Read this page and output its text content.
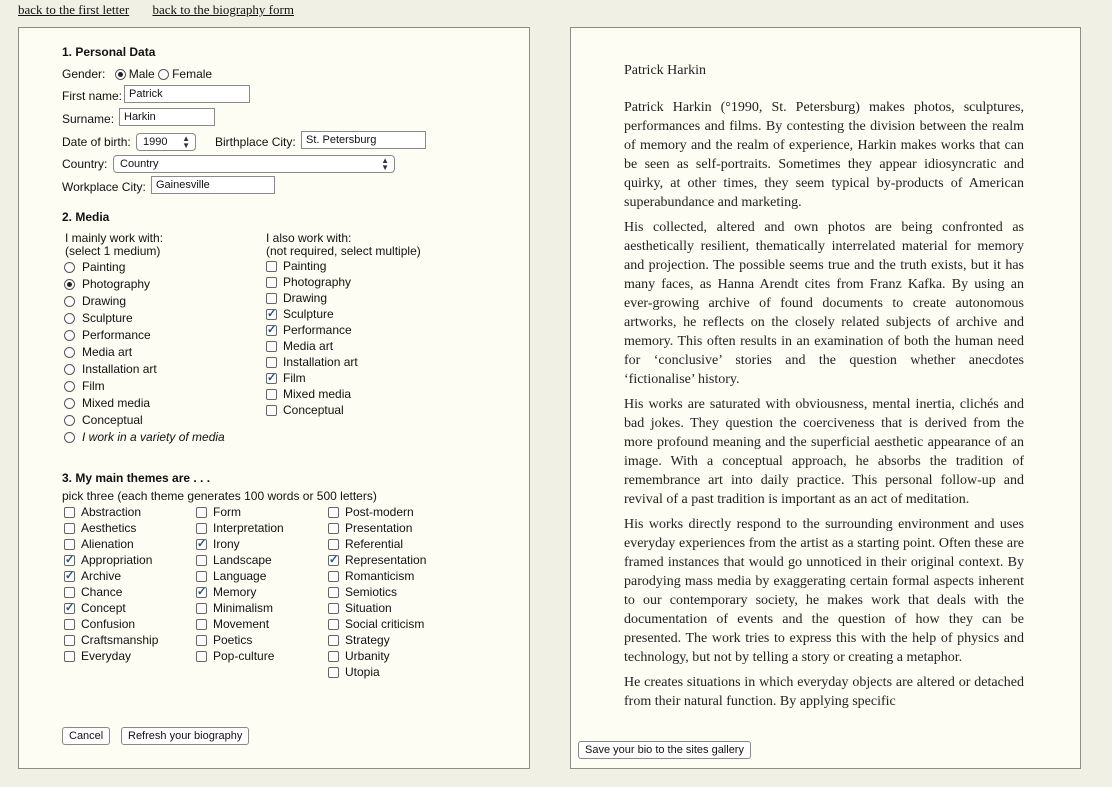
back to the first letter back to the biography form
1. Personal Data
Gender: Male Female
First name: Patrick
Surname: Harkin
Date of birth:	1990 ▲
▼ Birthplace City: St. Petersburg
Country:	Country	▲
▼
Workplace City: Gainesville
2. Media
I mainly work with:
(select 1 medium)
Painting
Photography
Drawing
Sculpture
Performance
Media art
Installation art
Film
Mixed media
Conceptual
I work in a variety of media
I also work with:
(not required, select multiple)
Painting
Photography
Drawing
✓Sculpture
✓Performance
Media art
Installation art
✓Film
Mixed media
Conceptual
3. My main themes are . . .
pick three (each theme generates 100 words or 500 letters)
Abstraction
Aesthetics
Alienation
✓Appropriation
✓Archive
Chance
✓Concept
Confusion
Craftsmanship
Everyday
Form
Interpretation
✓Irony
Landscape
Language
✓Memory
Minimalism
Movement
Poetics
Pop-culture
Post-modern
Presentation
Referential
✓Representation
Romanticism
Semiotics
Situation
Social criticism
Strategy
Urbanity
Utopia
Cancel	Refresh your biography
Patrick Harkin

Patrick Harkin (°1990, St. Petersburg) makes photos, sculptures, performances and films. By contesting the division between the realm of memory and the realm of experience, Harkin makes works that can be seen as self-portraits. Sometimes they appear idiosyncratic and quirky, at other times, they seem typical by-products of American superabundance and marketing.

His collected, altered and own photos are being confronted as aesthetically resilient, thematically interrelated material for memory and projection. The possible seems true and the truth exists, but it has many faces, as Hanna Arendt cites from Franz Kafka. By using an ever-growing archive of found documents to create autonomous artworks, he reflects on the closely related subjects of archive and memory. This often results in an examination of both the human need for ‘conclusive’ stories and the question whether anecdotes ‘fictionalise’ history.

His works are saturated with obviousness, mental inertia, clichés and bad jokes. They question the coerciveness that is derived from the more profound meaning and the superficial aesthetic appearance of an image. With a conceptual approach, he absorbs the tradition of remembrance art into daily practice. This personal follow-up and revival of a past tradition is important as an act of meditation.

His works directly respond to the surrounding environment and uses everyday experiences from the artist as a starting point. Often these are framed instances that would go unnoticed in their original context. By parodying mass media by exaggerating certain formal aspects inherent to our contemporary society, he makes work that deals with the documentation of events and the question of how they can be presented. The work tries to express this with the help of physics and technology, but not by telling a story or creating a metaphor.

He creates situations in which everyday objects are altered or detached from their natural function. By applying specific

Save your bio to the sites gallery
